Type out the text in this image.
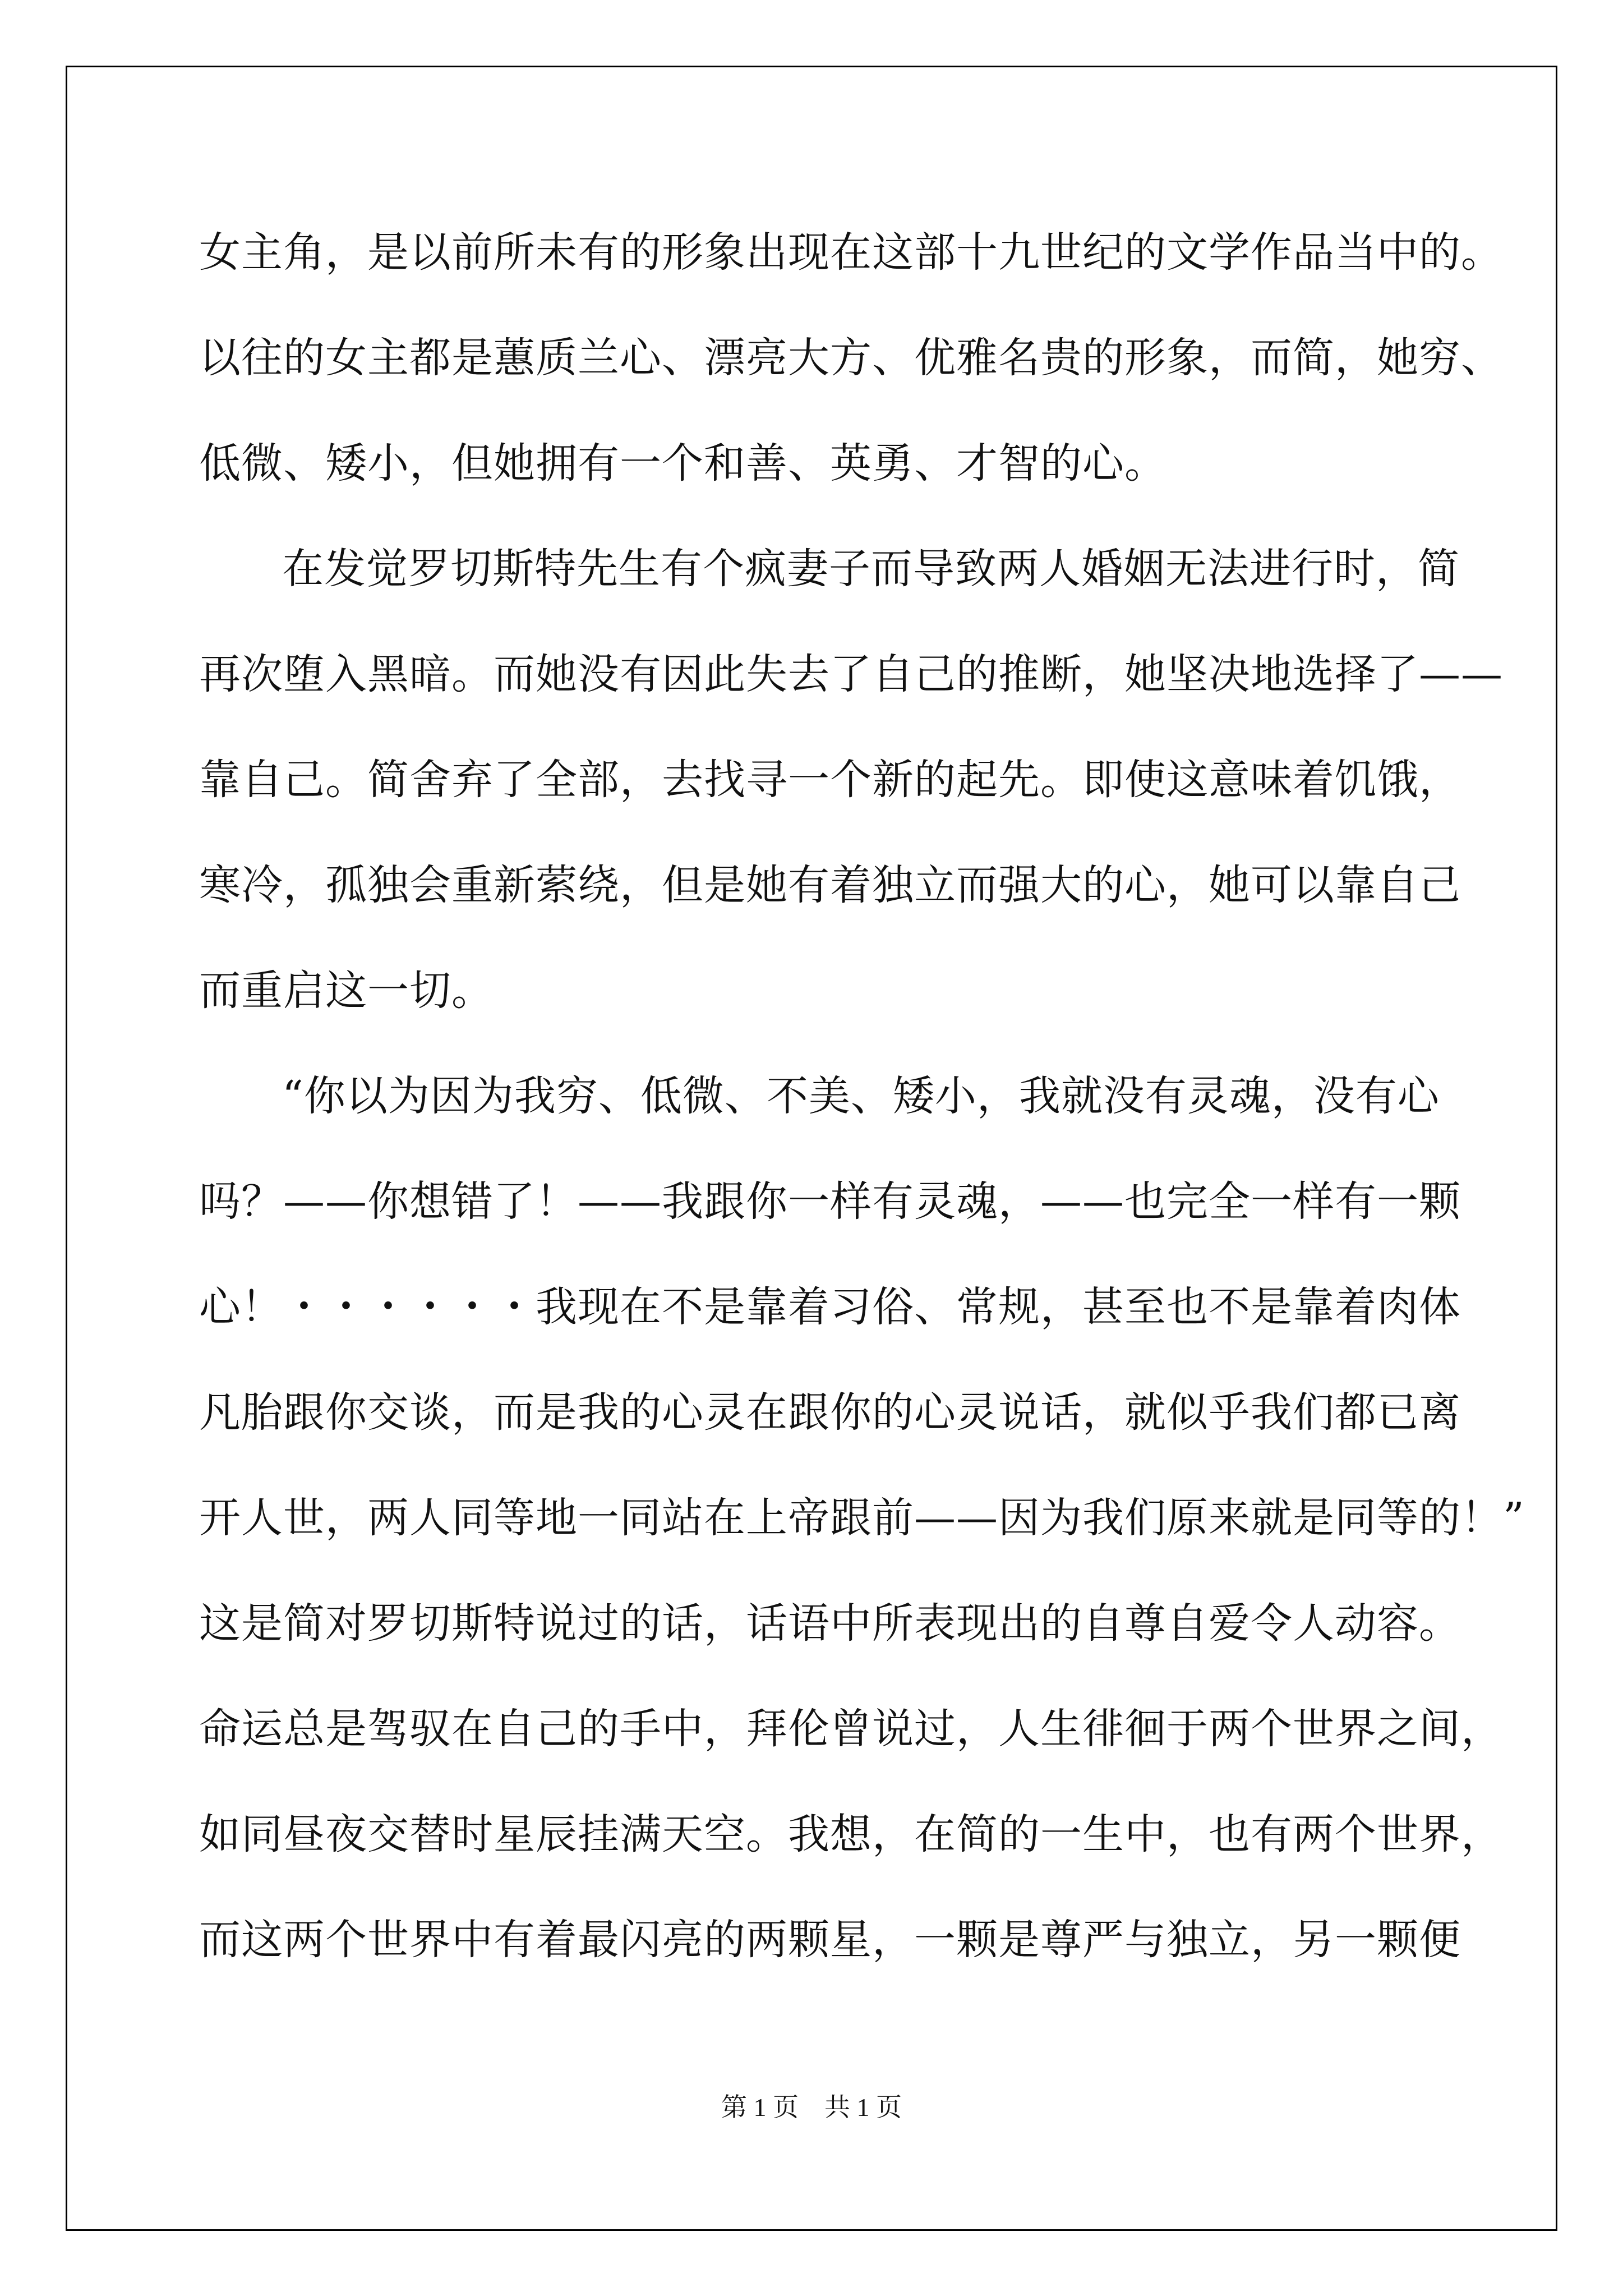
女主角，是以前所未有的形象出现在这部十九世纪的文学作品当中的。
以往的女主都是蕙质兰心、漂亮大方、优雅名贵的形象，而简，她穷、
低微、矮小，但她拥有一个和善、英勇、才智的心。
在发觉罗切斯特先生有个疯妻子而导致两人婚姻无法进行时，简
再次堕入黑暗。而她没有因此失去了自己的推断，她坚决地选择了——
靠自己。简舍弃了全部，去找寻一个新的起先。即使这意味着饥饿，
寒冷，孤独会重新萦绕，但是她有着独立而强大的心，她可以靠自己
而重启这一切。
“你以为因为我穷、低微、不美、矮小，我就没有灵魂，没有心
吗？——你想错了！——我跟你一样有灵魂，——也完全一样有一颗
心！・・・・・・我现在不是靠着习俗、常规，甚至也不是靠着肉体
凡胎跟你交谈，而是我的心灵在跟你的心灵说话，就似乎我们都已离
开人世，两人同等地一同站在上帝跟前——因为我们原来就是同等的！”
这是简对罗切斯特说过的话，话语中所表现出的自尊自爱令人动容。
命运总是驾驭在自己的手中，拜伦曾说过，人生徘徊于两个世界之间，
如同昼夜交替时星辰挂满天空。我想，在简的一生中，也有两个世界，
而这两个世界中有着最闪亮的两颗星，一颗是尊严与独立，另一颗便
第 1 页　共 1 页
